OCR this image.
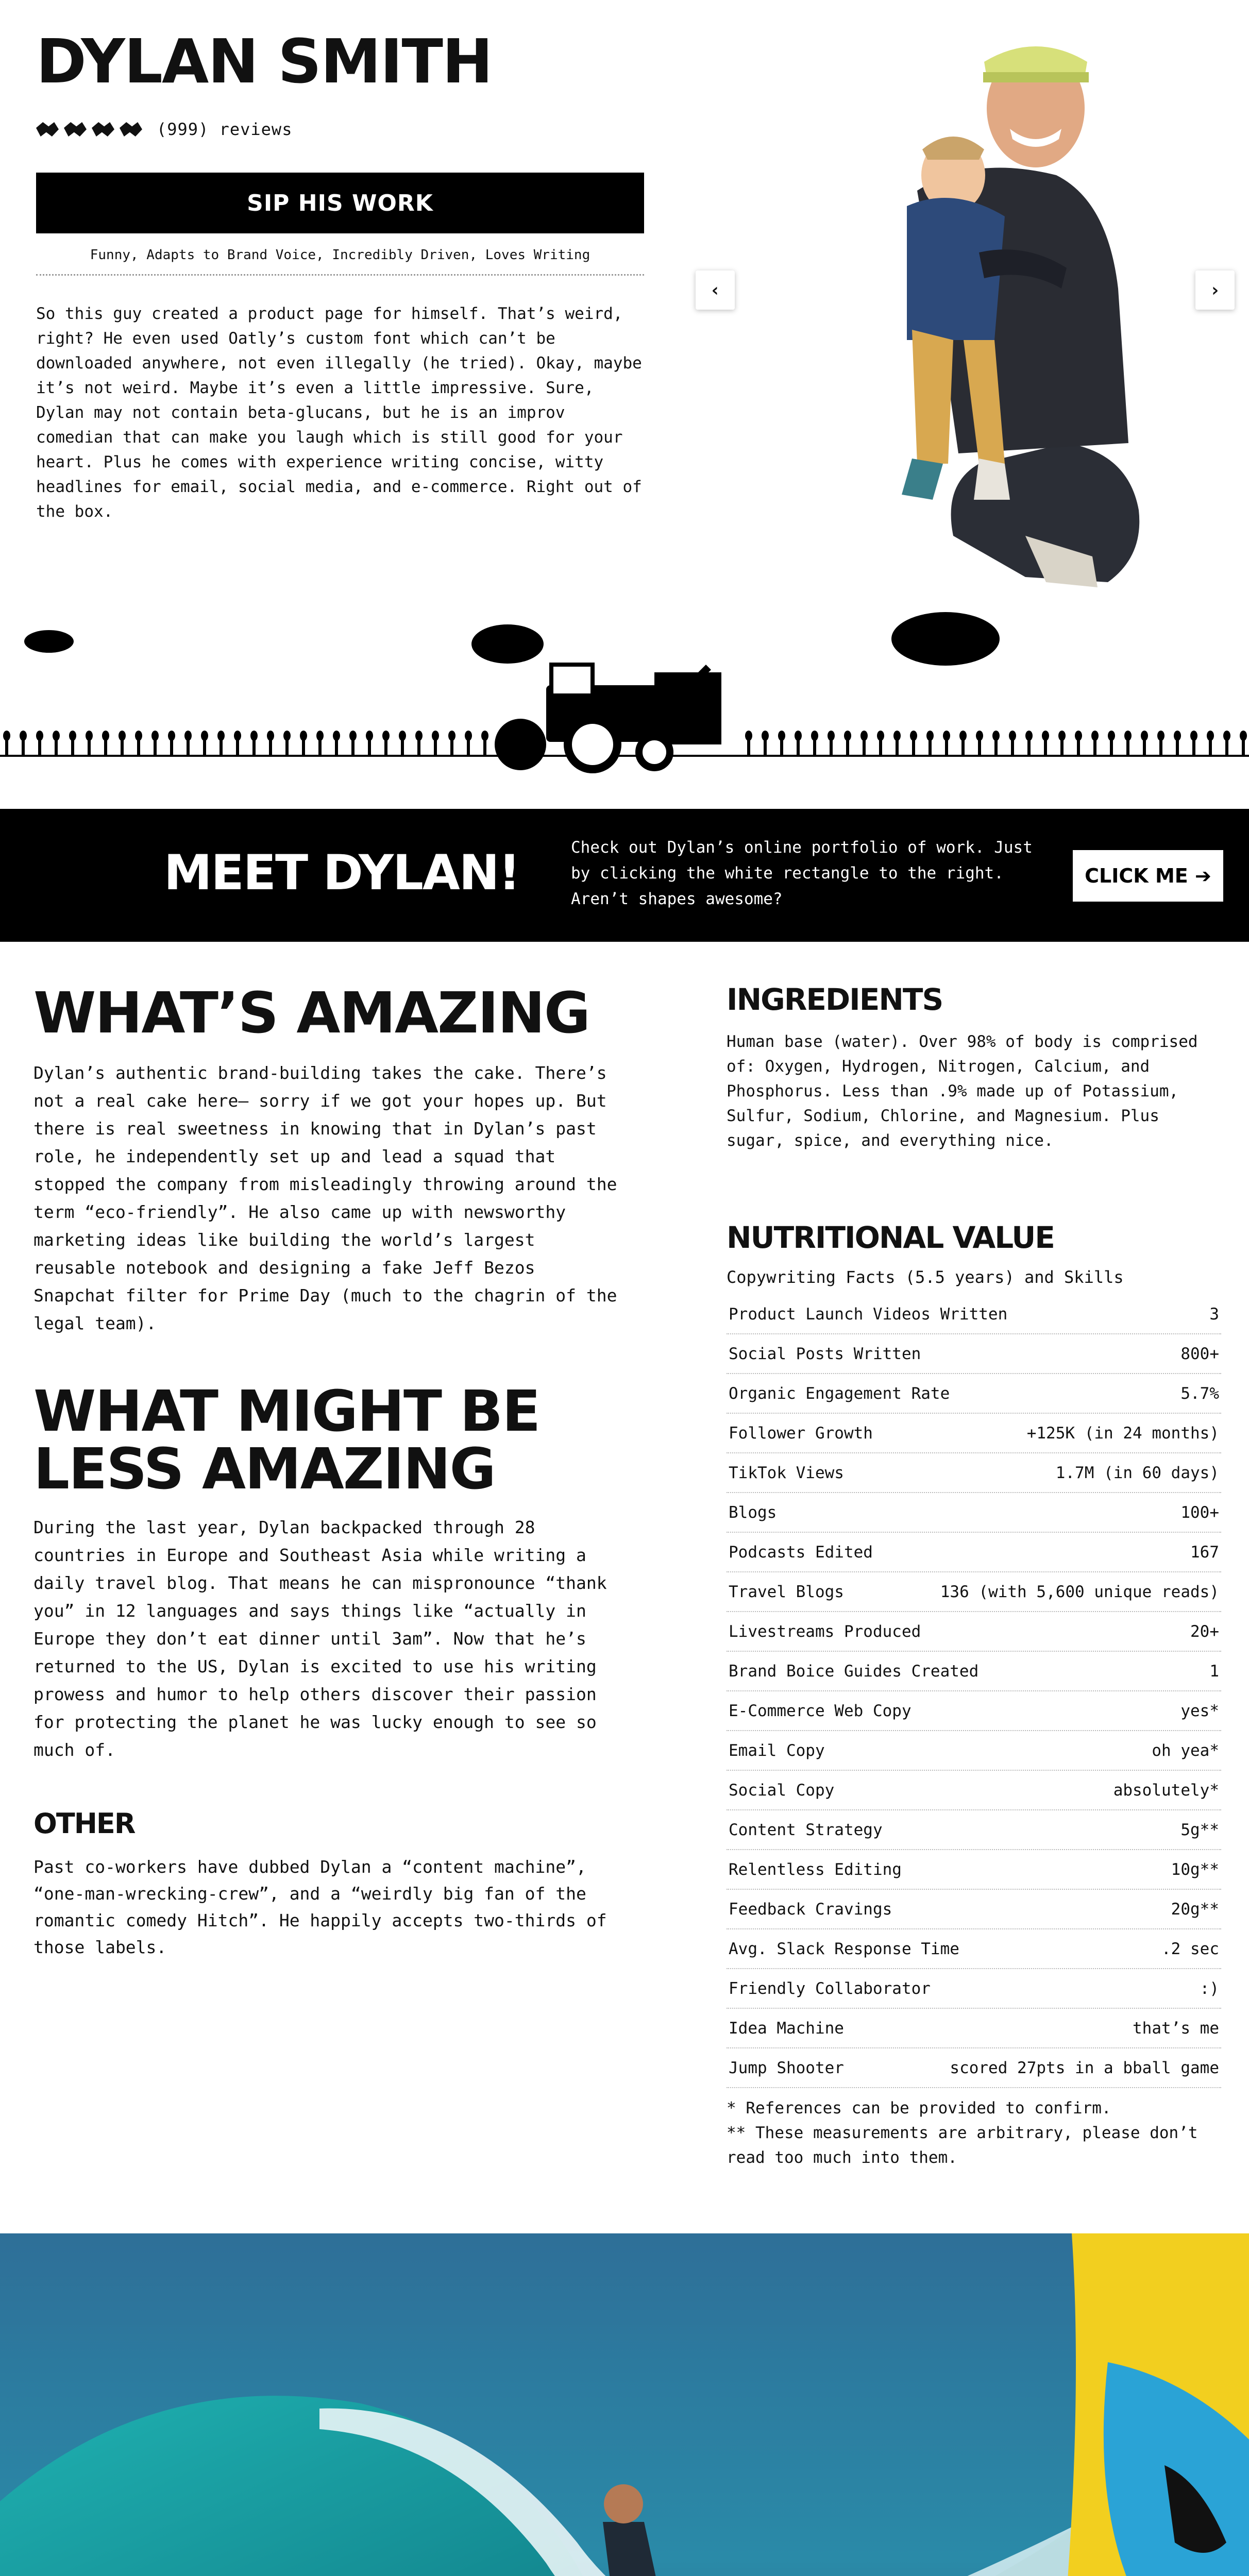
DYLAN SMITH
(999) reviews
SIP HIS WORK
Funny, Adapts to Brand Voice, Incredibly Driven, Loves Writing

So this guy created a product page for himself. That’s weird, right? He even used Oatly’s custom font which can’t be downloaded anywhere, not even illegally (he tried). Okay, maybe it’s not weird. Maybe it’s even a little impressive. Sure, Dylan may not contain beta-glucans, but he is an improv comedian that can make you laugh which is still good for your heart. Plus he comes with experience writing concise, witty headlines for email, social media, and e-commerce. Right out of the box.

‹	›
MEET DYLAN!	Check out Dylan’s online portfolio of work. Just by clicking the white rectangle to the right. Aren’t shapes awesome?

CLICK ME ➔
WHAT’S AMAZING

Dylan’s authentic brand-building takes the cake. There’s not a real cake here– sorry if we got your hopes up. But there is real sweetness in knowing that in Dylan’s past role, he independently set up and lead a squad that stopped the company from misleadingly throwing around the term “eco-friendly”. He also came up with newsworthy marketing ideas like building the world’s largest reusable notebook and designing a fake Jeff Bezos Snapchat filter for Prime Day (much to the chagrin of the legal team).

WHAT MIGHT BE LESS AMAZING

During the last year, Dylan backpacked through 28 countries in Europe and Southeast Asia while writing a daily travel blog. That means he can mispronounce “thank you” in 12 languages and says things like “actually in Europe they don’t eat dinner until 3am”. Now that he’s returned to the US, Dylan is excited to use his writing prowess and humor to help others discover their passion for protecting the planet he was lucky enough to see so much of.

OTHER

Past co-workers have dubbed Dylan a “content machine”, “one-man-wrecking-crew”, and a “weirdly big fan of the romantic comedy Hitch”. He happily accepts two-thirds of those labels.

INGREDIENTS

Human base (water). Over 98% of body is comprised of: Oxygen, Hydrogen, Nitrogen, Calcium, and Phosphorus. Less than .9% made up of Potassium, Sulfur, Sodium, Chlorine, and Magnesium. Plus sugar, spice, and everything nice.

NUTRITIONAL VALUE

Copywriting Facts (5.5 years) and Skills

Product Launch Videos Written	3
Social Posts Written	800+
Organic Engagement Rate	5.7%
Follower Growth	+125K (in 24 months)
TikTok Views	1.7M (in 60 days)
Blogs	100+
Podcasts Edited	167
Travel Blogs	136 (with 5,600 unique reads)
Livestreams Produced	20+
Brand Boice Guides Created	1
E-Commerce Web Copy	yes*
Email Copy	oh yea*
Social Copy	absolutely*
Content Strategy	5g**
Relentless Editing	10g**
Feedback Cravings	20g**
Avg. Slack Response Time	.2 sec
Friendly Collaborator	:)
Idea Machine	that’s me
Jump Shooter	scored 27pts in a bball game

* References can be provided to confirm.

** These measurements are arbitrary, please don’t read too much into them.
